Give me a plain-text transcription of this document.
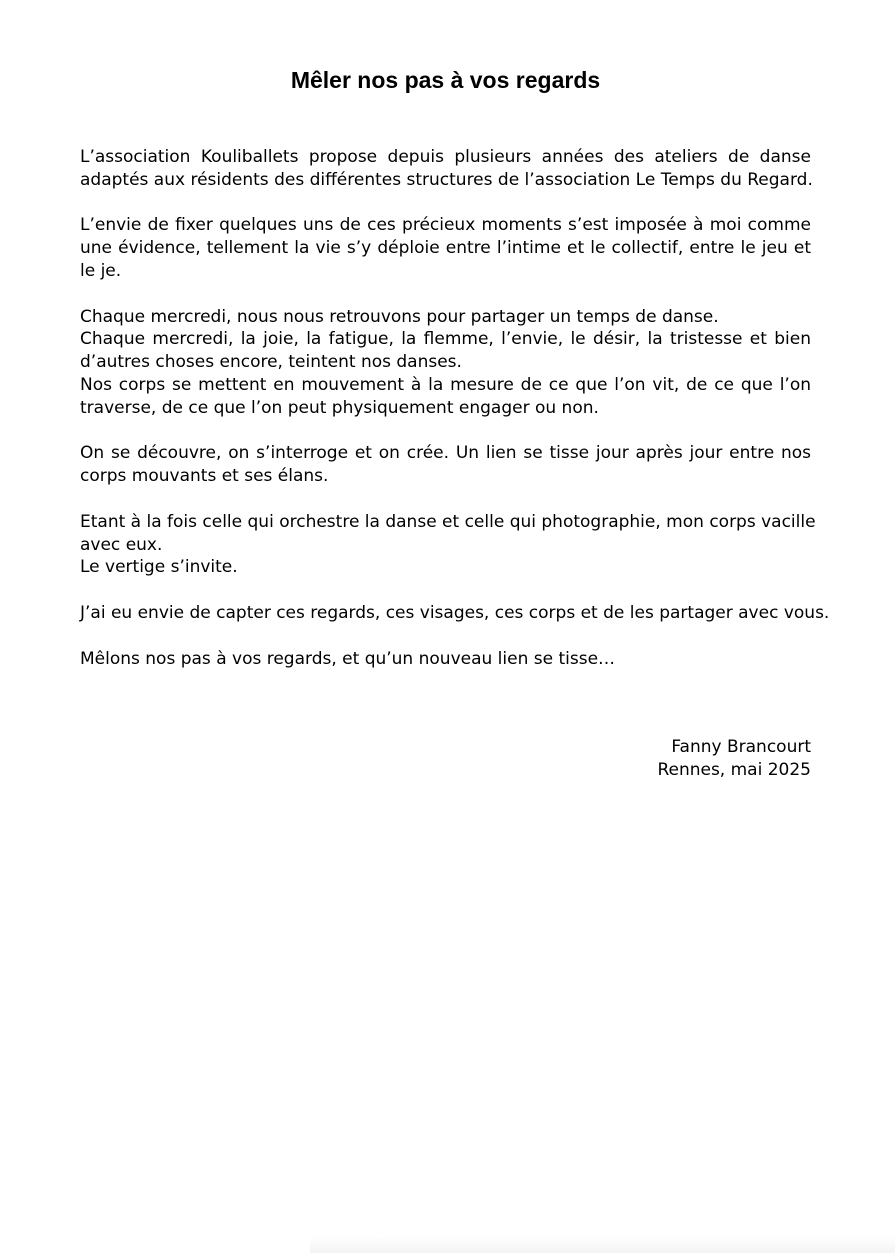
Mêler nos pas à vos regards

L’association Kouliballets propose depuis plusieurs années des ateliers de danse
adaptés aux résidents des différentes structures de l’association Le Temps du Regard.

L’envie de fixer quelques uns de ces précieux moments s’est imposée à moi comme
une évidence, tellement la vie s’y déploie entre l’intime et le collectif, entre le jeu et
le je.

Chaque mercredi, nous nous retrouvons pour partager un temps de danse.
Chaque mercredi, la joie, la fatigue, la flemme, l’envie, le désir, la tristesse et bien
d’autres choses encore, teintent nos danses.
Nos corps se mettent en mouvement à la mesure de ce que l’on vit, de ce que l’on
traverse, de ce que l’on peut physiquement engager ou non.

On se découvre, on s’interroge et on crée. Un lien se tisse jour après jour entre nos
corps mouvants et ses élans.

Etant à la fois celle qui orchestre la danse et celle qui photographie, mon corps vacille
avec eux.
Le vertige s’invite.

J’ai eu envie de capter ces regards, ces visages, ces corps et de les partager avec vous.

Mêlons nos pas à vos regards, et qu’un nouveau lien se tisse…

Fanny Brancourt
Rennes, mai 2025
